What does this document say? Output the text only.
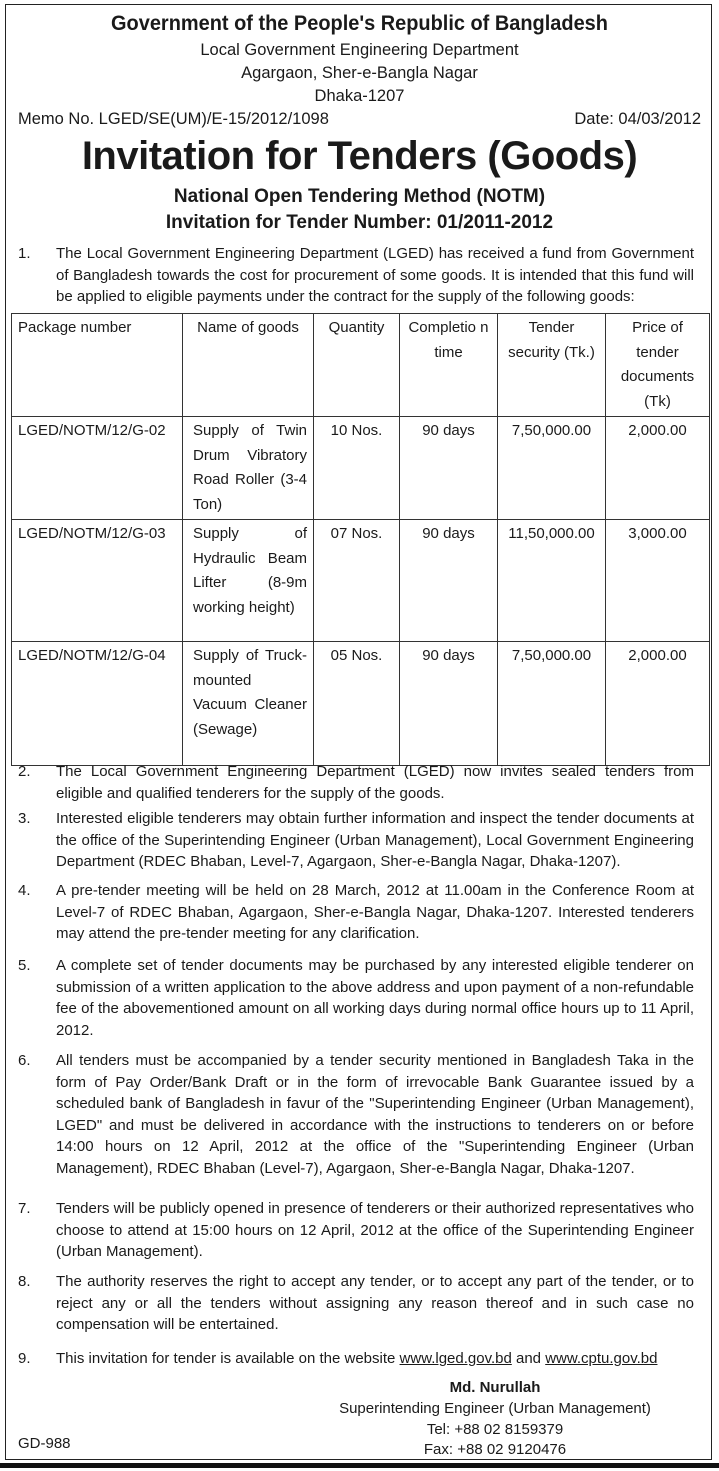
Government of the People's Republic of Bangladesh
Local Government Engineering Department
Agargaon, Sher-e-Bangla Nagar
Dhaka-1207
Memo No. LGED/SE(UM)/E-15/2012/1098	Date: 04/03/2012
Invitation for Tenders (Goods)
National Open Tendering Method (NOTM)
Invitation for Tender Number: 01/2011-2012
1.	The Local Government Engineering Department (LGED) has received a fund from Government of Bangladesh towards the cost for procurement of some goods. It is intended that this fund will be applied to eligible payments under the contract for the supply of the following goods:
Package number	Name of goods	Quantity	Completio n time	Tender security (Tk.)	Price of tender documents (Tk)
LGED/NOTM/12/G-02	Supply of Twin Drum Vibratory Road Roller (3-4 Ton)	10 Nos.	90 days	7,50,000.00	2,000.00
LGED/NOTM/12/G-03	Supply of Hydraulic Beam Lifter (8-9m working height)	07 Nos.	90 days	11,50,000.00	3,000.00
LGED/NOTM/12/G-04	Supply of Truck-mounted Vacuum Cleaner (Sewage)	05 Nos.	90 days	7,50,000.00	2,000.00
2.	The Local Government Engineering Department (LGED) now invites sealed tenders from eligible and qualified tenderers for the supply of the goods.
3.	Interested eligible tenderers may obtain further information and inspect the tender documents at the office of the Superintending Engineer (Urban Management), Local Government Engineering Department (RDEC Bhaban, Level-7, Agargaon, Sher-e-Bangla Nagar, Dhaka-1207).
4.	A pre-tender meeting will be held on 28 March, 2012 at 11.00am in the Conference Room at Level-7 of RDEC Bhaban, Agargaon, Sher-e-Bangla Nagar, Dhaka-1207. Interested tenderers may attend the pre-tender meeting for any clarification.
5.	A complete set of tender documents may be purchased by any interested eligible tenderer on submission of a written application to the above address and upon payment of a non-refundable fee of the abovementioned amount on all working days during normal office hours up to 11 April, 2012.
6.	All tenders must be accompanied by a tender security mentioned in Bangladesh Taka in the form of Pay Order/Bank Draft or in the form of irrevocable Bank Guarantee issued by a scheduled bank of Bangladesh in favur of the "Superintending Engineer (Urban Management), LGED" and must be delivered in accordance with the instructions to tenderers on or before 14:00 hours on 12 April, 2012 at the office of the "Superintending Engineer (Urban Management), RDEC Bhaban (Level-7), Agargaon, Sher-e-Bangla Nagar, Dhaka-1207.
7.	Tenders will be publicly opened in presence of tenderers or their authorized representatives who choose to attend at 15:00 hours on 12 April, 2012 at the office of the Superintending Engineer (Urban Management).
8.	The authority reserves the right to accept any tender, or to accept any part of the tender, or to reject any or all the tenders without assigning any reason thereof and in such case no compensation will be entertained.
9.	This invitation for tender is available on the website www.lged.gov.bd and www.cptu.gov.bd
Md. Nurullah
Superintending Engineer (Urban Management)
Tel: +88 02 8159379
Fax: +88 02 9120476
GD-988
